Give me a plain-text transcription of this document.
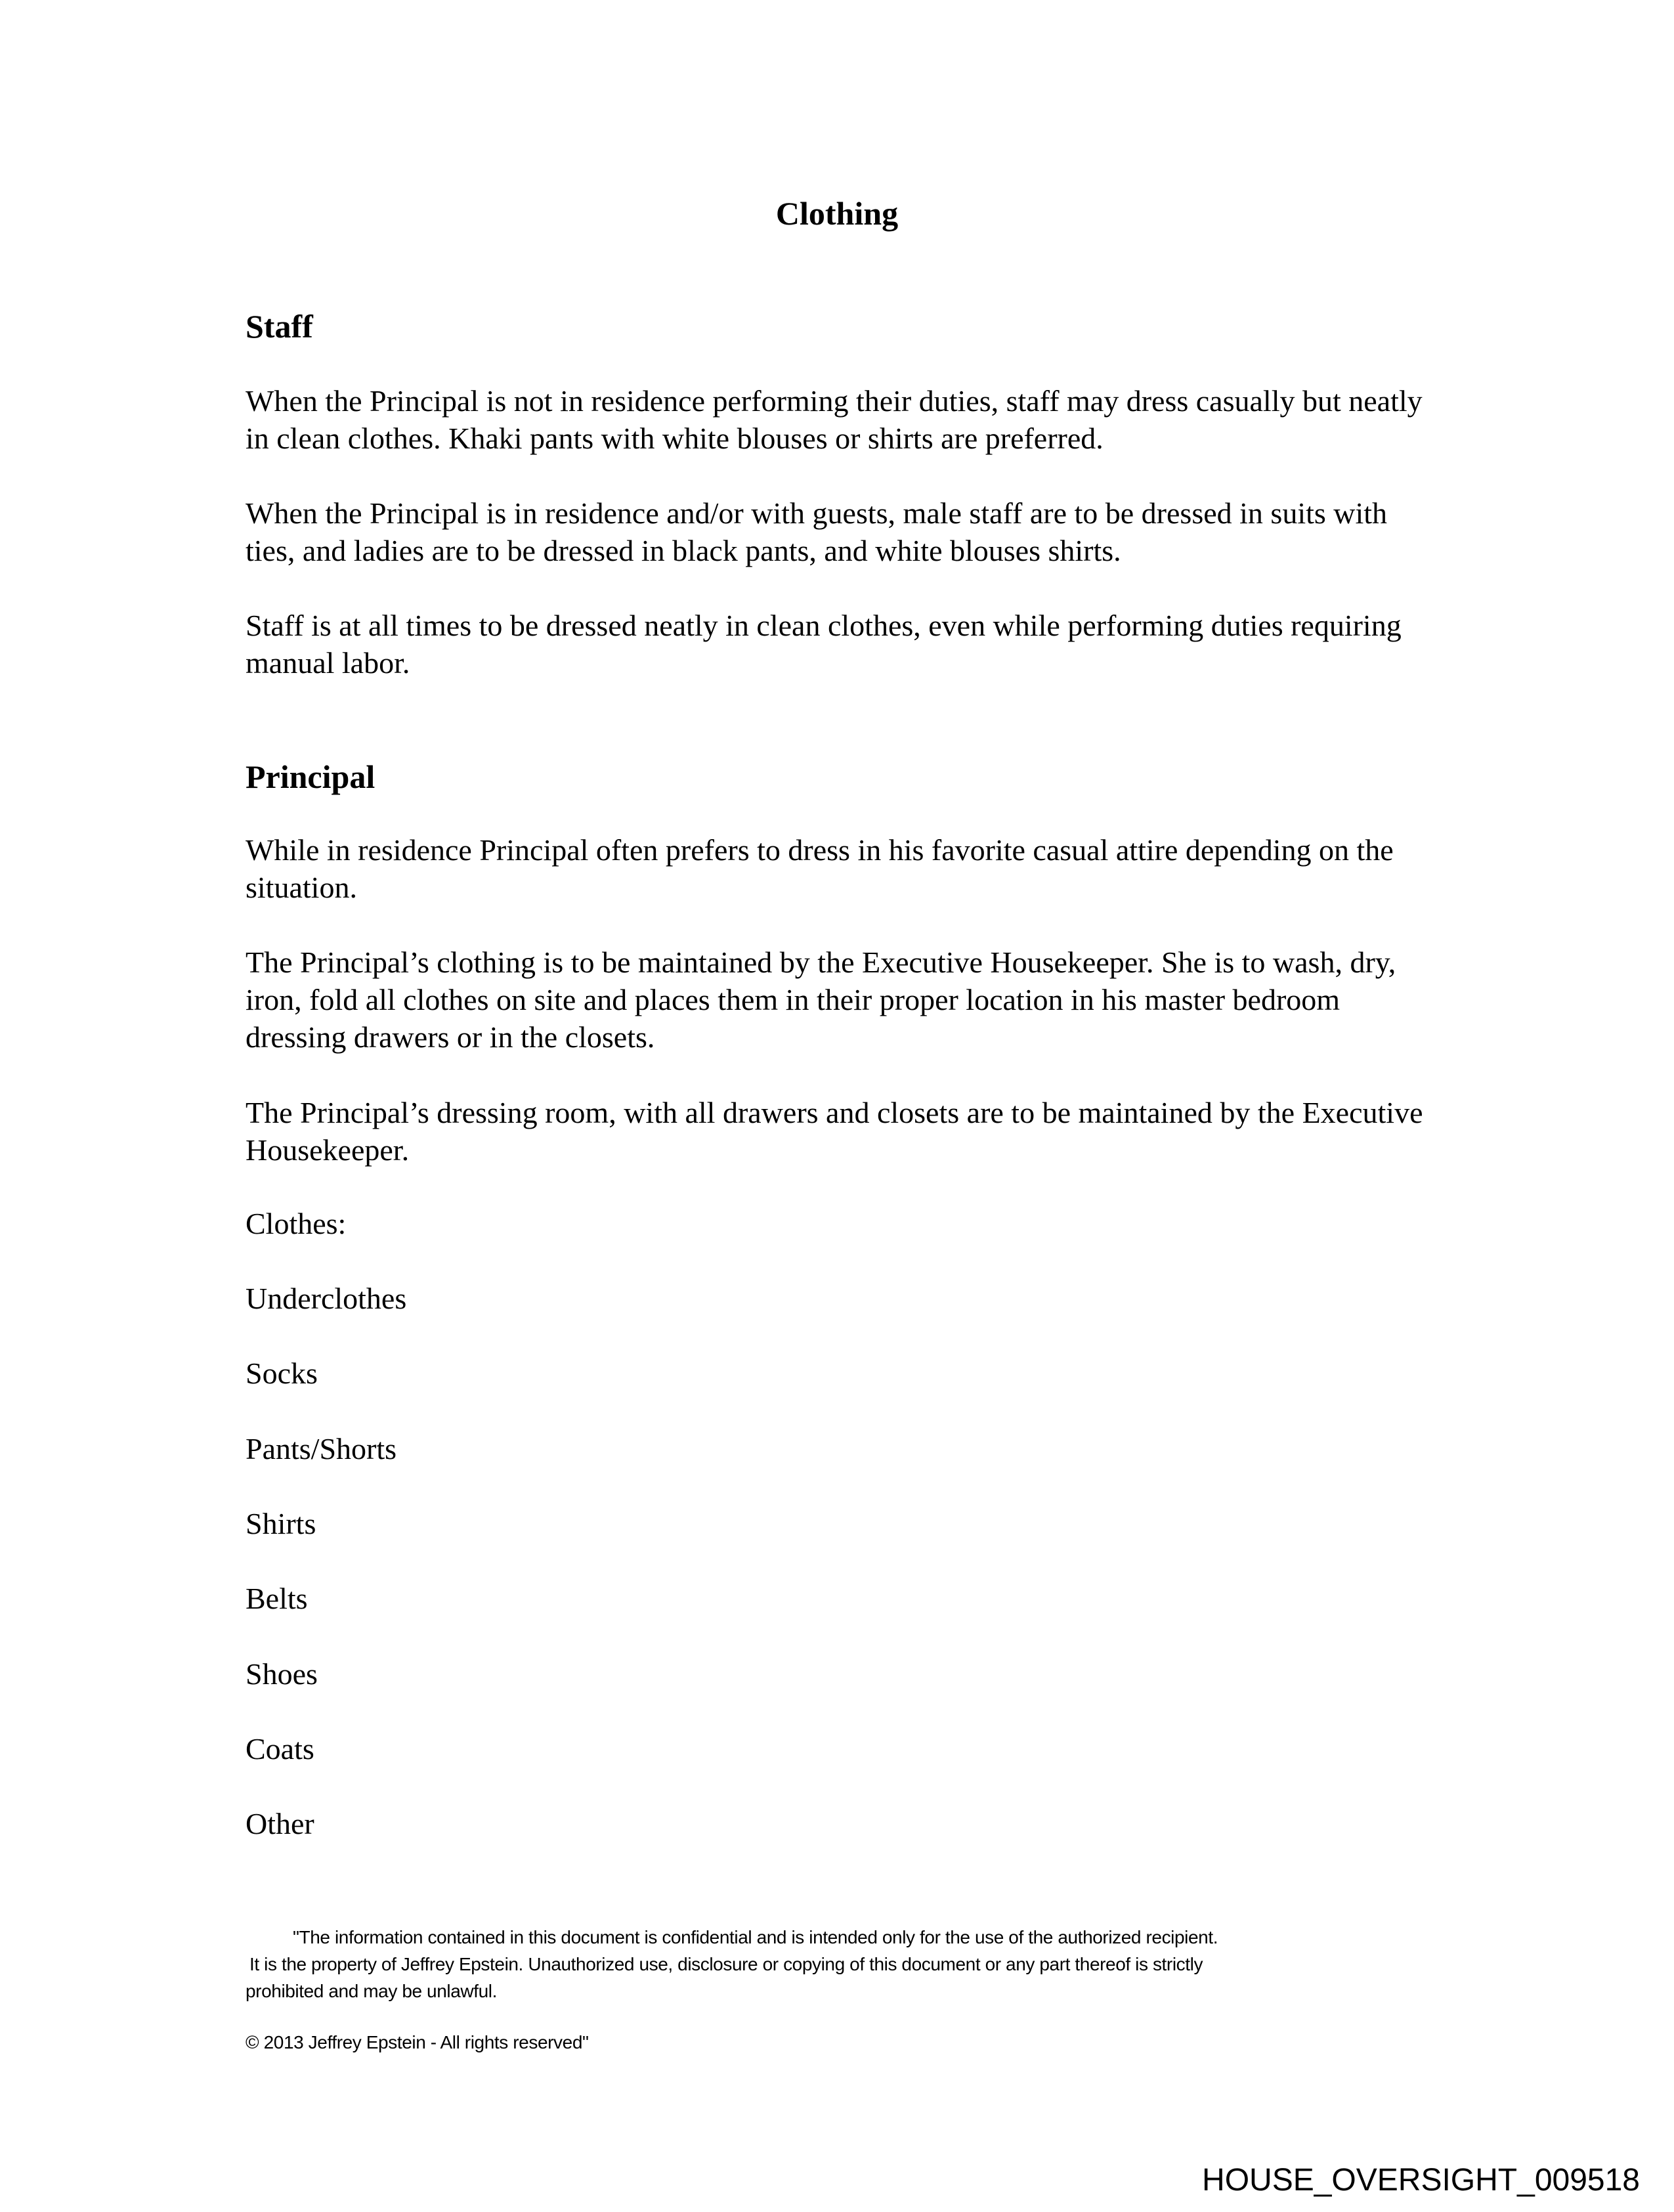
Clothing
Staff
When the Principal is not in residence performing their duties, staff may dress casually but neatly in clean clothes. Khaki pants with white blouses or shirts are preferred.
When the Principal is in residence and/or with guests, male staff are to be dressed in suits with ties, and ladies are to be dressed in black pants, and white blouses shirts.
Staff is at all times to be dressed neatly in clean clothes, even while performing duties requiring manual labor.
Principal
While in residence Principal often prefers to dress in his favorite casual attire depending on the situation.
The Principal’s clothing is to be maintained by the Executive Housekeeper. She is to wash, dry, iron, fold all clothes on site and places them in their proper location in his master bedroom dressing drawers or in the closets.
The Principal’s dressing room, with all drawers and closets are to be maintained by the Executive Housekeeper.
Clothes:
Underclothes
Socks
Pants/Shorts
Shirts
Belts
Shoes
Coats
Other
"The information contained in this document is confidential and is intended only for the use of the authorized recipient.
It is the property of Jeffrey Epstein. Unauthorized use, disclosure or copying of this document or any part thereof is strictly
prohibited and may be unlawful.
© 2013 Jeffrey Epstein - All rights reserved"
HOUSE_OVERSIGHT_009518
